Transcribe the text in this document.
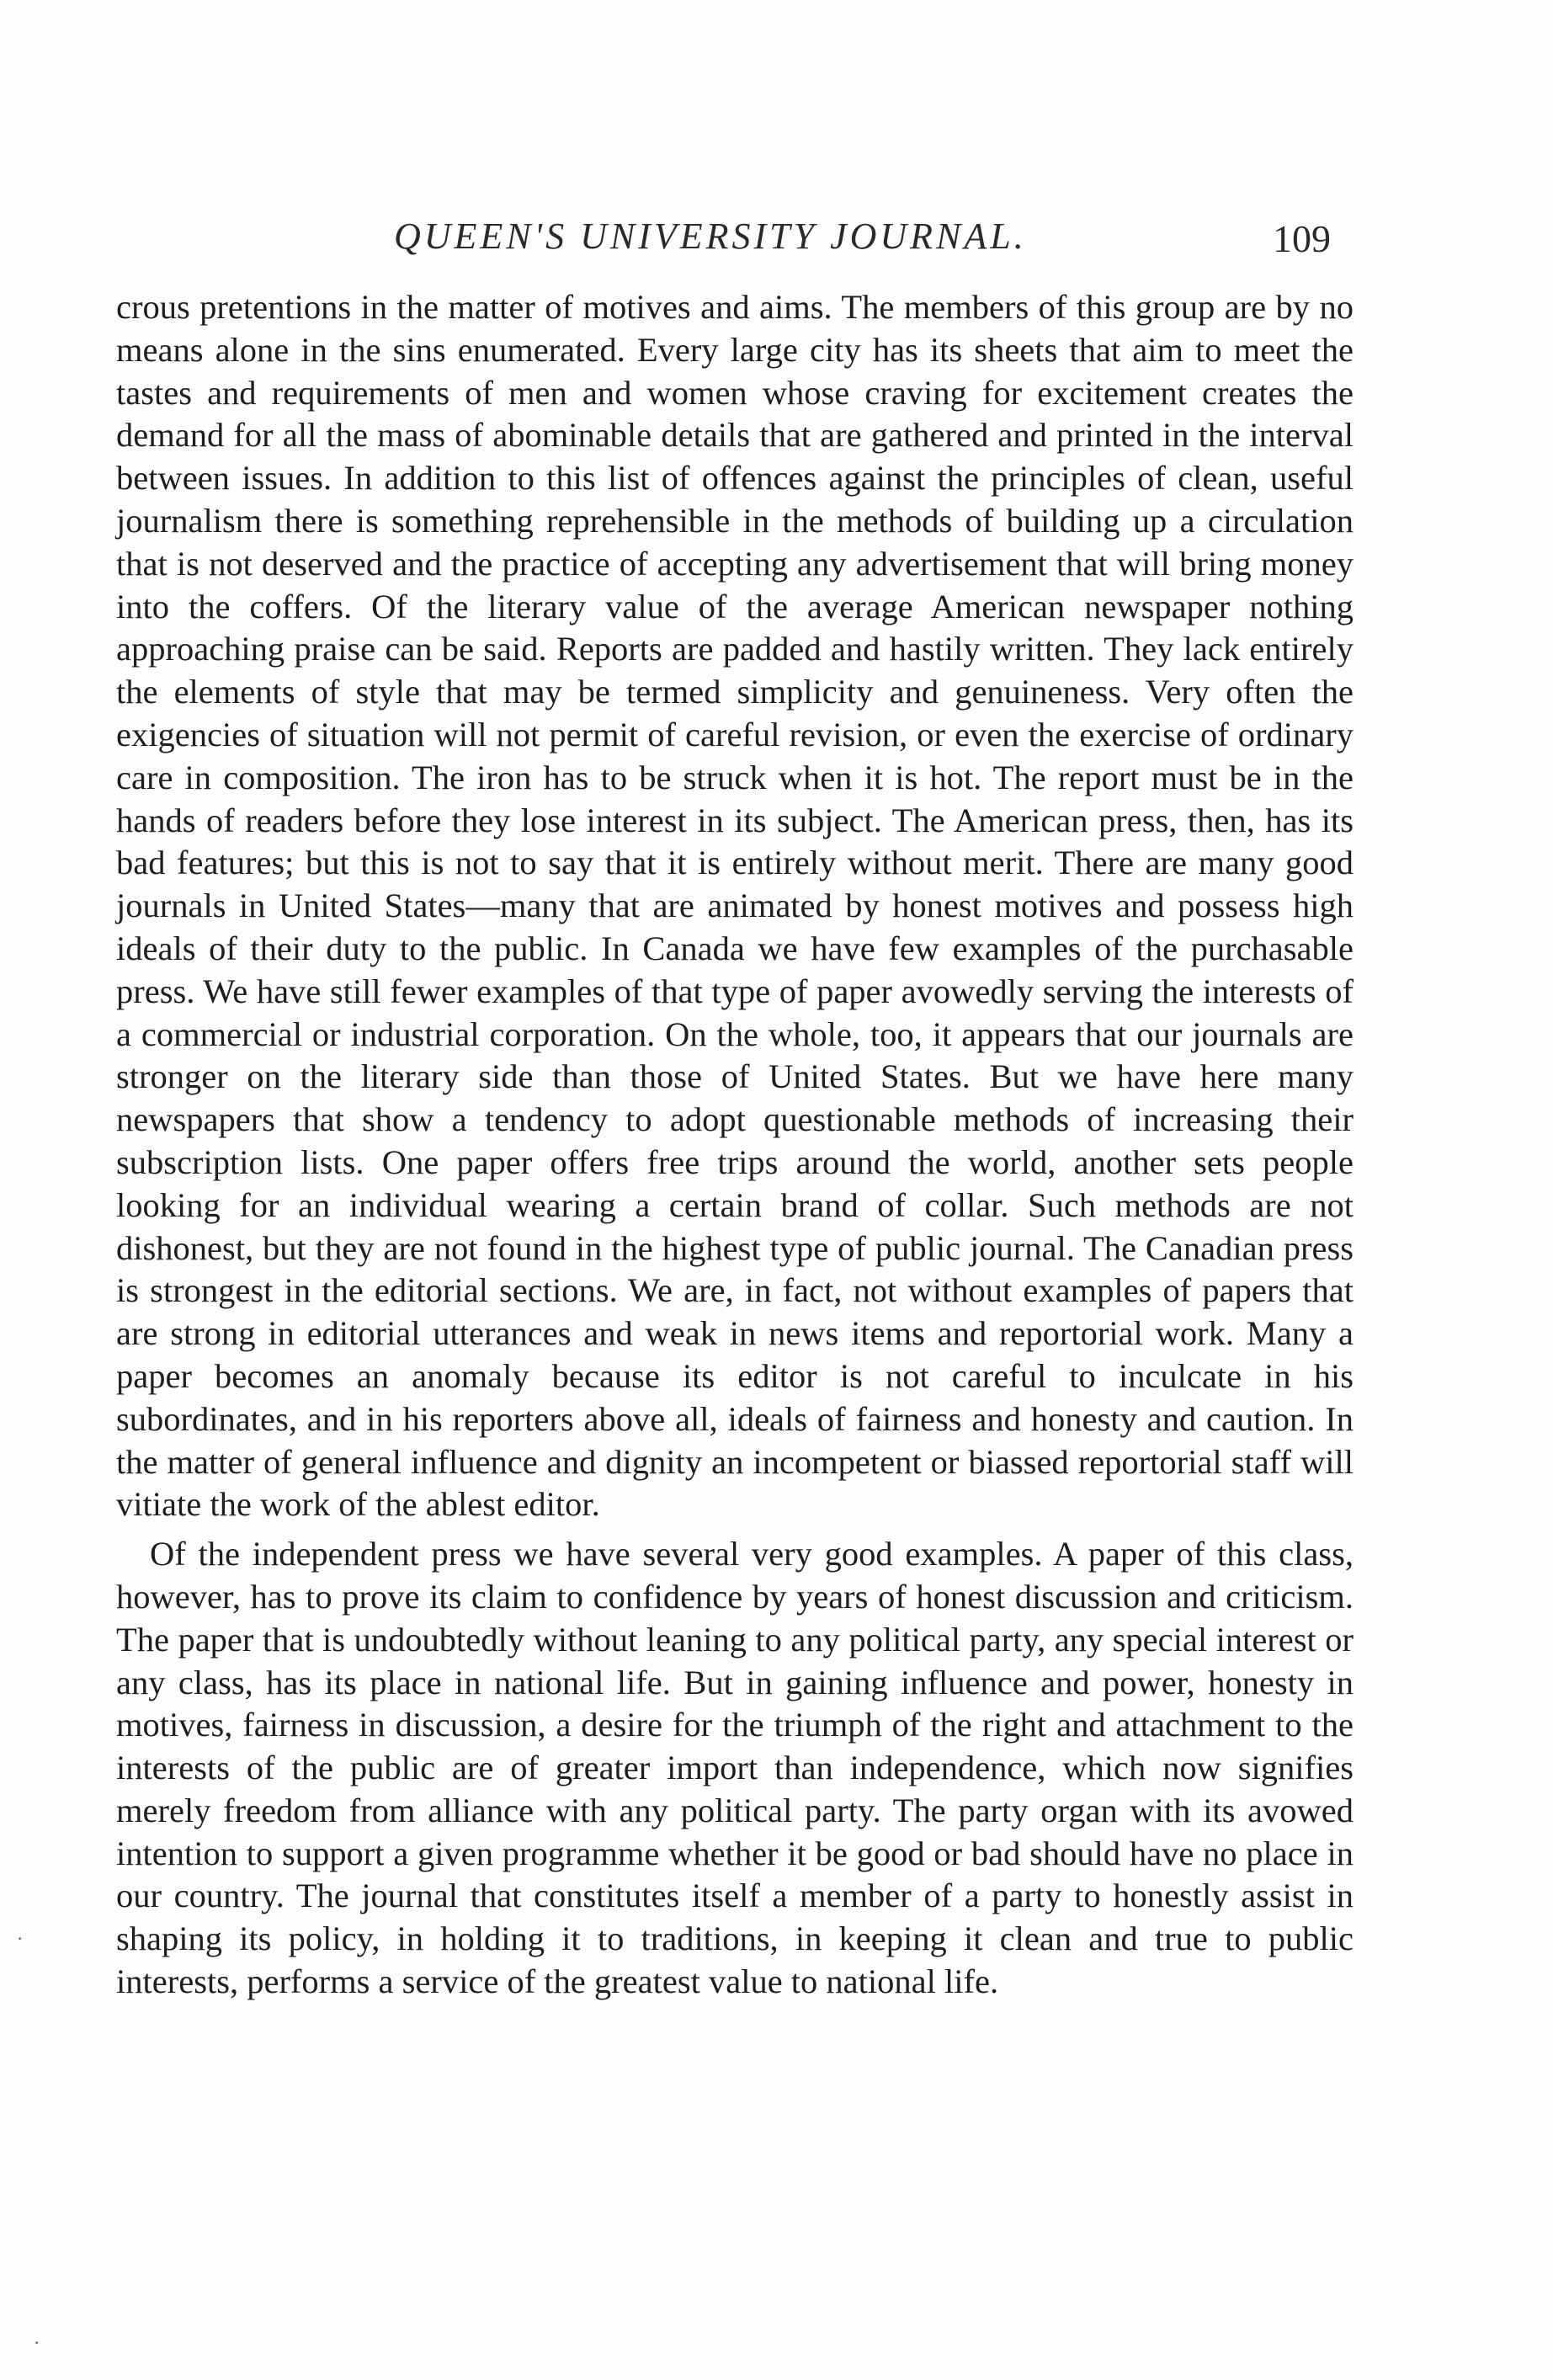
QUEEN'S UNIVERSITY JOURNAL.	109

crous pretentions in the matter of motives and aims. The members of this group are by no means alone in the sins enumerated. Every large city has its sheets that aim to meet the tastes and requirements of men and women whose craving for excitement creates the demand for all the mass of abominable details that are gathered and printed in the interval between issues. In addition to this list of offences against the principles of clean, useful journalism there is something reprehensible in the methods of building up a circulation that is not deserved and the practice of accepting any advertisement that will bring money into the coffers. Of the literary value of the average American newspaper nothing approaching praise can be said. Reports are padded and hastily written. They lack entirely the elements of style that may be termed simplicity and genuineness. Very often the exigencies of situation will not permit of careful revision, or even the exercise of ordinary care in composition. The iron has to be struck when it is hot. The report must be in the hands of readers before they lose interest in its subject. The American press, then, has its bad features; but this is not to say that it is entirely without merit. There are many good journals in United States—many that are animated by honest motives and possess high ideals of their duty to the public. In Canada we have few examples of the purchasable press. We have still fewer examples of that type of paper avowedly serving the interests of a commercial or industrial corporation. On the whole, too, it appears that our journals are stronger on the literary side than those of United States. But we have here many newspapers that show a tendency to adopt questionable methods of increasing their subscription lists. One paper offers free trips around the world, another sets people looking for an individual wearing a certain brand of collar. Such methods are not dishonest, but they are not found in the highest type of public journal. The Canadian press is strongest in the editorial sections. We are, in fact, not without examples of papers that are strong in editorial utterances and weak in news items and reportorial work. Many a paper becomes an anomaly because its editor is not careful to inculcate in his subordinates, and in his reporters above all, ideals of fairness and honesty and caution. In the matter of general influence and dignity an incompetent or biassed reportorial staff will vitiate the work of the ablest editor.

Of the independent press we have several very good examples. A paper of this class, however, has to prove its claim to confidence by years of honest discussion and criticism. The paper that is undoubtedly without leaning to any political party, any special interest or any class, has its place in national life. But in gaining influence and power, honesty in motives, fairness in discussion, a desire for the triumph of the right and attachment to the interests of the public are of greater import than independence, which now signifies merely freedom from alliance with any political party. The party organ with its avowed intention to support a given programme whether it be good or bad should have no place in our country. The journal that constitutes itself a member of a party to honestly assist in shaping its policy, in holding it to traditions, in keeping it clean and true to public interests, performs a service of the greatest value to national life.

·
·
